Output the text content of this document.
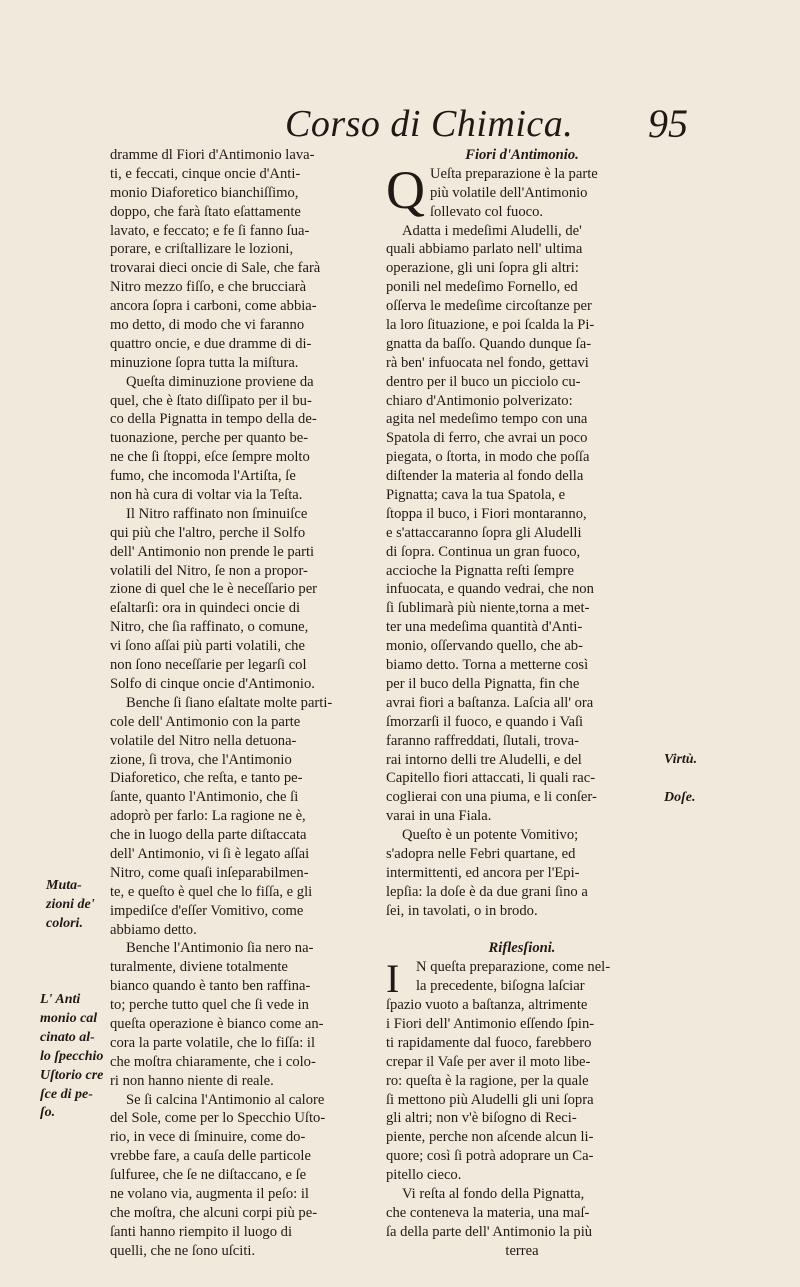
Corso di Chimica. 95
dramme dl Fiori d'Antimonio lava-
ti, e feccati, cinque oncie d'Anti-
monio Diaforetico bianchiſſimo,
doppo, che farà ſtato eſattamente
lavato, e feccato; e fe ſi fanno ſua-
porare, e criſtallizare le lozioni,
trovarai dieci oncie di Sale, che farà
Nitro mezzo fiſſo, e che brucciarà
ancora ſopra i carboni, come abbia-
mo detto, di modo che vi faranno
quattro oncie, e due dramme di di-
minuzione ſopra tutta la miſtura.
Queſta diminuzione proviene da
quel, che è ſtato diſſipato per il bu-
co della Pignatta in tempo della de-
tuonazione, perche per quanto be-
ne che ſi ſtoppi, eſce ſempre molto
fumo, che incomoda l'Artiſta, ſe
non hà cura di voltar via la Teſta.
Il Nitro raffinato non ſminuiſce
qui più che l'altro, perche il Solfo
dell' Antimonio non prende le parti
volatili del Nitro, ſe non a propor-
zione di quel che le è neceſſario per
eſaltarſi: ora in quindeci oncie di
Nitro, che ſia raffinato, o comune,
vi ſono aſſai più parti volatili, che
non ſono neceſſarie per legarſi col
Solfo di cinque oncie d'Antimonio.
Benche ſi ſiano eſaltate molte parti-
cole dell' Antimonio con la parte
volatile del Nitro nella detuona-
zione, ſi trova, che l'Antimonio
Diaforetico, che reſta, e tanto pe-
ſante, quanto l'Antimonio, che ſi
adoprò per farlo: La ragione ne è,
che in luogo della parte diſtaccata
dell' Antimonio, vi ſi è legato aſſai
Nitro, come quaſi inſeparabilmen-
te, e queſto è quel che lo fiſſa, e gli
impediſce d'eſſer Vomitivo, come
abbiamo detto.
Benche l'Antimonio ſia nero na-
turalmente, diviene totalmente
bianco quando è tanto ben raffina-
to; perche tutto quel che ſi vede in
queſta operazione è bianco come an-
cora la parte volatile, che lo fiſſa: il
che moſtra chiaramente, che i colo-
ri non hanno niente di reale.
Se ſi calcina l'Antimonio al calore
del Sole, come per lo Specchio Uſto-
rio, in vece di ſminuire, come do-
vrebbe fare, a cauſa delle particole
ſulfuree, che ſe ne diſtaccano, e ſe
ne volano via, augmenta il peſo: il
che moſtra, che alcuni corpi più pe-
ſanti hanno riempito il luogo di
quelli, che ne ſono uſciti.
Fiori d'Antimonio.
Q Ueſta preparazione è la parte
più volatile dell'Antimonio
ſollevato col fuoco.
Adatta i medeſimi Aludelli, de'
quali abbiamo parlato nell' ultima
operazione, gli uni ſopra gli altri:
ponili nel medeſimo Fornello, ed
oſſerva le medeſime circoſtanze per
la loro ſituazione, e poi ſcalda la Pi-
gnatta da baſſo. Quando dunque ſa-
rà ben' infuocata nel fondo, gettavi
dentro per il buco un picciolo cu-
chiaro d'Antimonio polverizato:
agita nel medeſimo tempo con una
Spatola di ferro, che avrai un poco
piegata, o ſtorta, in modo che poſſa
diſtender la materia al fondo della
Pignatta; cava la tua Spatola, e
ſtoppa il buco, i Fiori montaranno,
e s'attaccaranno ſopra gli Aludelli
di ſopra. Continua un gran fuoco,
accioche la Pignatta reſti ſempre
infuocata, e quando vedrai, che non
ſi ſublimarà più niente,torna a met-
ter una medeſima quantità d'Anti-
monio, oſſervando quello, che ab-
biamo detto. Torna a metterne così
per il buco della Pignatta, fin che
avrai fiori a baſtanza. Laſcia all' ora
ſmorzarſi il fuoco, e quando i Vaſi
faranno raffreddati, ſlutali, trova-
rai intorno delli tre Aludelli, e del
Capitello fiori attaccati, li quali rac-
coglierai con una piuma, e li conſer-
varai in una Fiala.
Queſto è un potente Vomitivo;
s'adopra nelle Febri quartane, ed
intermittenti, ed ancora per l'Epi-
lepſia: la doſe è da due grani ſino a
ſei, in tavolati, o in brodo.
Riflesſioni.
I	N queſta preparazione, come nel-
la precedente, biſogna laſciar
ſpazio vuoto a baſtanza, altrimente
i Fiori dell' Antimonio eſſendo ſpin-
ti rapidamente dal fuoco, farebbero
crepar il Vaſe per aver il moto libe-
ro: queſta è la ragione, per la quale
ſi mettono più Aludelli gli uni ſopra
gli altri; non v'è biſogno di Reci-
piente, perche non aſcende alcun li-
quore; così ſi potrà adoprare un Ca-
pitello cieco.
Vi reſta al fondo della Pignatta,
che conteneva la materia, una maſ-
ſa della parte dell' Antimonio la più
terrea
Muta-
zioni de'
colori.
L' Anti
monio cal
cinato al-
lo ſpecchio
Uſtorio cre
ſce di pe-
ſo.
Virtù.
Doſe.
